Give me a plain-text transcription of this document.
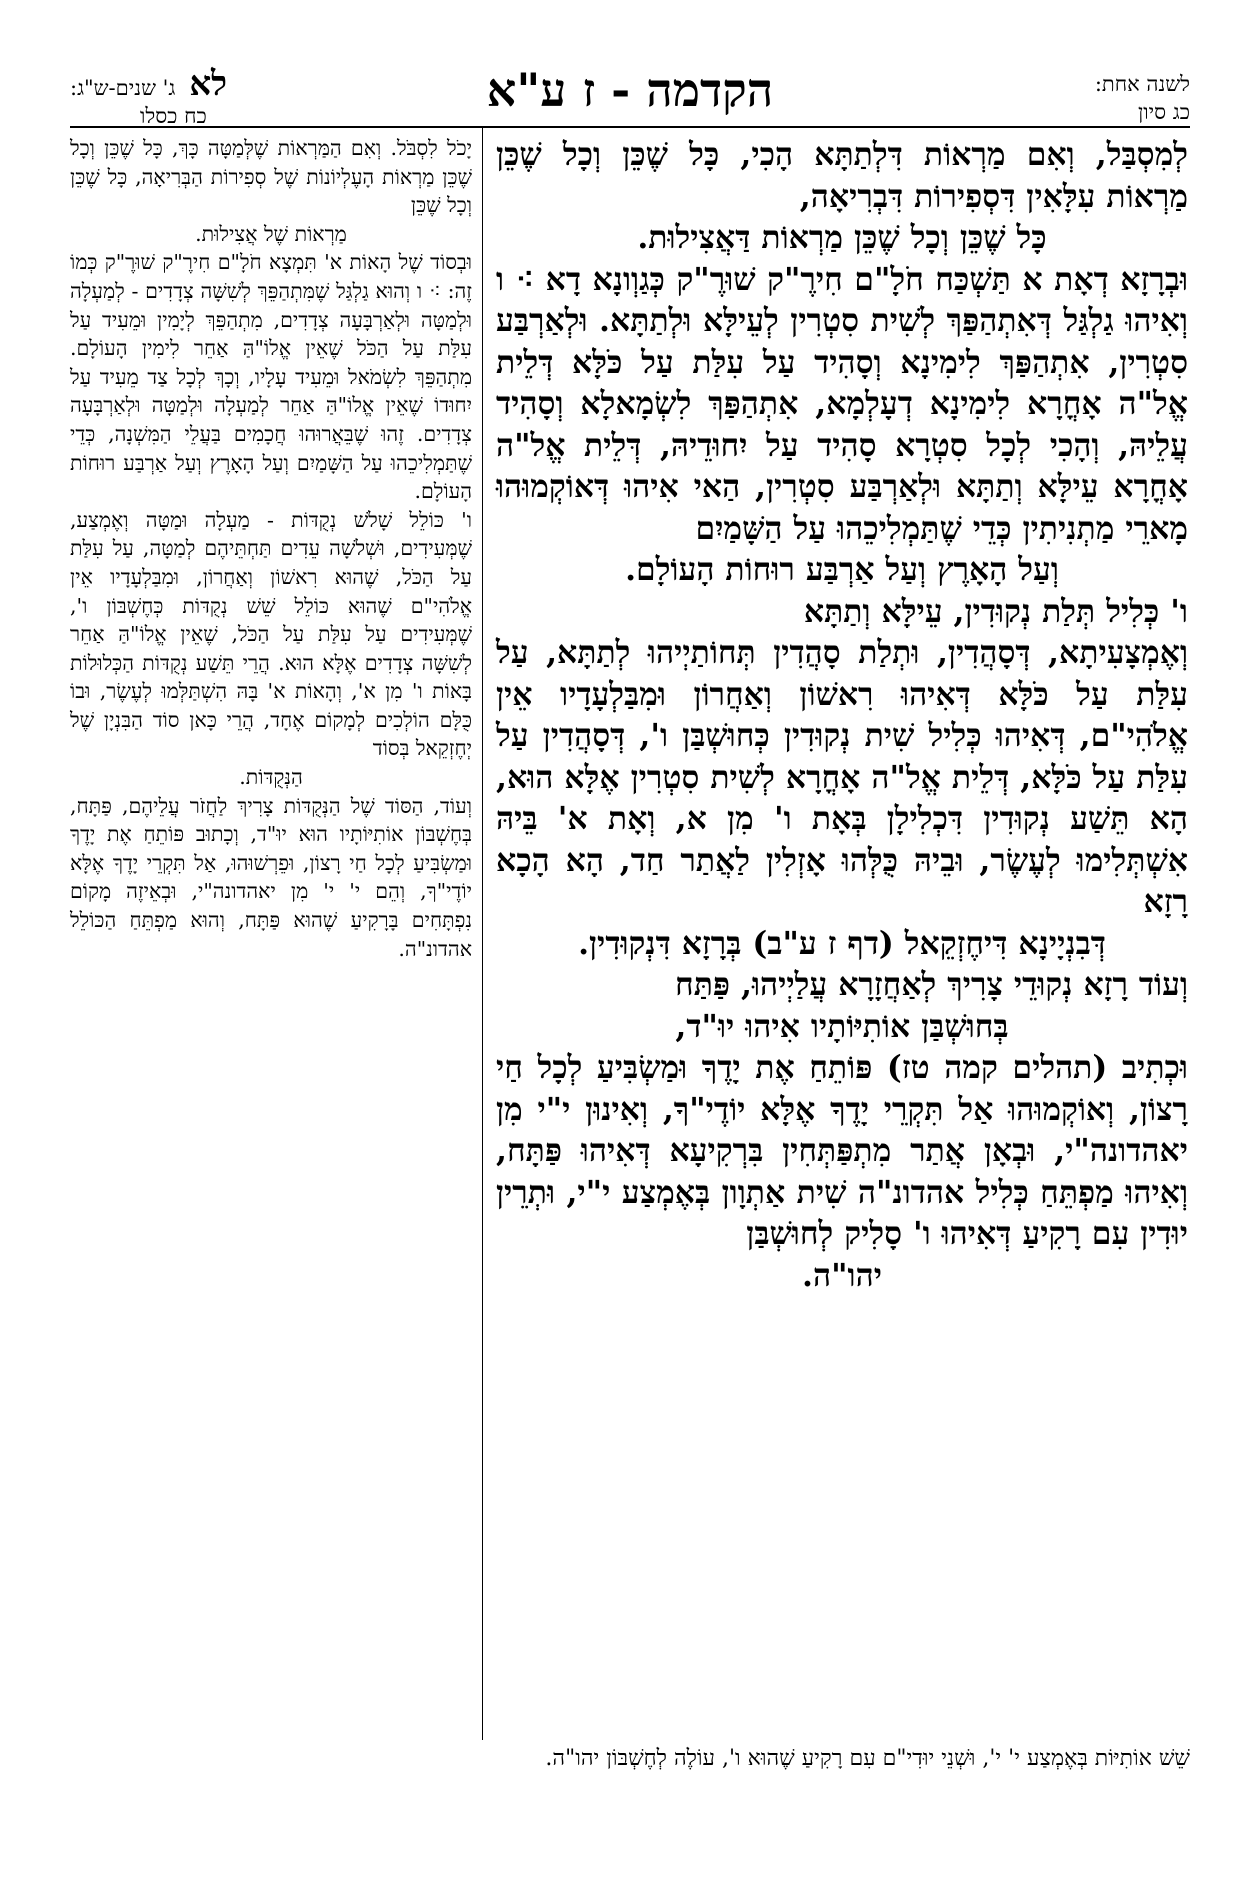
לשנה אחת:
כג סיון
הקדמה - ז ע"א
ג' שנים-ש"ג: לא
כח כסלו

לְמִסְבַּל, וְאִם מַרְאוֹת דִּלְתַתָּא הָכִי, כָּל שֶׁכֵּן וְכָל שֶׁכֵּן מַרְאוֹת עִלָּאִין דִּסְפִירוֹת דִּבְרִיאָה,

כָּל שֶׁכֵּן וְכָל שֶׁכֵּן מַרְאוֹת דַּאֲצִילוּת.

וּבְרָזָא דְאָת א תַּשְׁכַּח חֹלָ"ם חִירֶ"ק שׁוּרֶ"ק כְּגַוְונָא דָא ⁖ ו וְאִיהוּ גַלְגַּל דְּאִתְהַפַּךְ לְשִׁית סִטְרִין לְעֵילָּא וּלְתַתָּא. וּלְאַרְבַּע סִטְרִין, אִתְהַפַּךְ לִימִינָא וְסָהִיד עַל עִלַּת עַל כֹּלָּא דְּלֵית אֱל"ה אָחֳרָא לִימִינָא דְעָלְמָא, אִתְהַפַּךְ לִשְׂמָאלָא וְסָהִיד עֲלֵיהּ, וְהָכִי לְכָל סִטְרָא סָהִיד עַל יִחוּדֵיהּ, דְּלֵית אֱל"ה אָחֳרָא עֵילָּא וְתַתָּא וּלְאַרְבַּע סִטְרִין, הַאי אִיהוּ דְּאוֹקְמוּהוּ מָארֵי מַתְנִיתִין כְּדֵי שֶׁתַּמְלִיכֵהוּ עַל הַשָּׁמַיִם

וְעַל הָאָרֶץ וְעַל אַרְבַּע רוּחוֹת הָעוֹלָם.

ו' כְּלִיל תְּלַת נְקוּדִין, עֵילָּא וְתַתָּא

וְאֶמְצָעִיתָא, דְּסָהֲדִין, וּתְלַת סָהֲדִין תְּחוֹתַיְיהוּ לְתַתָּא, עַל עִלַּת עַל כֹּלָּא דְּאִיהוּ רִאשׁוֹן וְאַחֲרוֹן וּמִבַּלְעָדָיו אֵין אֱלֹהִי"ם, דְּאִיהוּ כְּלִיל שִׁית נְקוּדִין כְּחוּשְׁבַּן ו', דְּסָהֲדִין עַל עִלַּת עַל כֹּלָּא, דְּלֵית אֱל"ה אָחֳרָא לְשִׁית סִטְרִין אֶלָּא הוּא, הָא תֵּשַׁע נְקוּדִין דִּכְלִילָן בְּאָת ו' מִן א, וְאָת א' בֵּיהּ אִשְׁתְּלִימוּ לְעֶשֶׂר, וּבֵיהּ כֻּלְּהוּ אָזְלִין לַאֲתַר חַד, הָא הָכָא רָזָא

דְּבִנְיָינָא דִּיחֶזְקֵאל (דף ז ע"ב) בְּרָזָא דִּנְקוּדִין.

וְעוֹד רָזָא נְקוּדֵי צָרִיךְ לְאַחֲזָרָא עֲלַיְיהוּ, פַּתַּח

בְּחוּשְׁבַּן אוֹתִיּוֹתָיו אִיהוּ יוּ"ד,

וּכְתִיב (תהלים קמה טז) פּוֹתֵחַ אֶת יָדֶךָ וּמַשְׂבִּיעַ לְכָל חַי רָצוֹן, וְאוֹקְמוּהוּ אַל תִּקְרֵי יָדֶךָ אֶלָּא יוֹדֶי"ךָ, וְאִינוּן י"י מִן יאהדונה"י, וּבְאָן אֲתַר מִתְפַּתְּחִין בִּרְקִיעָא דְּאִיהוּ פַּתָּח, וְאִיהוּ מַפְתֵּחַ כְּלִיל אהדונ"ה שִׁית אַתְוָון בְּאֶמְצַע י"י, וּתְרֵין יוּדִין עִם רָקִיעַ דְּאִיהוּ ו' סָלִיק לְחוּשְׁבַּן

יהו"ה.

יָכֹל לִסְבֹּל. וְאִם הַמַּרְאוֹת שֶׁלְּמַטָּה כָּךְ, כָּל שֶׁכֵּן וְכָל שֶׁכֵּן מַרְאוֹת הָעֶלְיוֹנוֹת שֶׁל סְפִירוֹת הַבְּרִיאָה, כָּל שֶׁכֵּן וְכָל שֶׁכֵּן

מַרְאוֹת שֶׁל אֲצִילוּת.

וּבְסוֹד שֶׁל הָאוֹת א' תִּמְצָא חֹלָ"ם חִירֶ"ק שׁוּרֶ"ק כְּמוֹ זֶה: ⁖ ו וְהוּא גַלְגַּל שֶׁמִּתְהַפֵּךְ לְשִׁשָּׁה צְדָדִים - לְמַעְלָה וּלְמַטָּה וּלְאַרְבָּעָה צְדָדִים, מִתְהַפֵּךְ לְיָמִין וּמֵעִיד עַל עִלַּת עַל הַכֹּל שֶׁאֵין אֱלוֹ"הַּ אַחֵר לִימִין הָעוֹלָם. מִתְהַפֵּךְ לִשְׂמֹאל וּמֵעִיד עָלָיו, וְכָךְ לְכָל צַד מֵעִיד עַל יִחוּדוֹ שֶׁאֵין אֱלוֹ"הַּ אַחֵר לְמַעְלָה וּלְמַטָּה וּלְאַרְבָּעָה צְדָדִים. זֶהוּ שֶׁבֵּאֲרוּהוּ חֲכָמִים בַּעֲלֵי הַמִּשְׁנָה, כְּדֵי שֶׁתַּמְלִיכֵהוּ עַל הַשָּׁמַיִם וְעַל הָאָרֶץ וְעַל אַרְבַּע רוּחוֹת הָעוֹלָם.

ו' כּוֹלֵל שָׁלֹשׁ נְקֻדּוֹת - מַעְלָה וּמַטָּה וְאֶמְצַע, שֶׁמְּעִידִים, וּשְׁלֹשָׁה עֵדִים תַּחְתֵּיהֶם לְמַטָּה, עַל עִלַּת עַל הַכֹּל, שֶׁהוּא רִאשׁוֹן וְאַחֲרוֹן, וּמִבַּלְעָדָיו אֵין אֱלֹהִי"ם שֶׁהוּא כּוֹלֵל שֵׁשׁ נְקֻדּוֹת כְּחֶשְׁבּוֹן ו', שֶׁמְּעִידִים עַל עִלַּת עַל הַכֹּל, שֶׁאֵין אֱלוֹ"הַּ אַחֵר לְשִׁשָּׁה צְדָדִים אֶלָּא הוּא. הֲרֵי תֵּשַׁע נְקֻדּוֹת הַכְּלוּלוֹת בָּאוֹת ו' מִן א', וְהָאוֹת א' בָּהּ הִשְׁתַּלְּמוּ לְעֶשֶׂר, וּבוֹ כֻּלָּם הוֹלְכִים לְמָקוֹם אֶחָד, הֲרֵי כָּאן סוֹד הַבִּנְיָן שֶׁל יְחֶזְקֵאל בְּסוֹד

הַנְּקֻדּוֹת.

וְעוֹד, הַסּוֹד שֶׁל הַנְּקֻדּוֹת צָרִיךְ לַחֲזֹר עֲלֵיהֶם, פַּתָּח, בְּחֶשְׁבּוֹן אוֹתִיּוֹתָיו הוּא יוּ"ד, וְכָתוּב פּוֹתֵחַ אֶת יָדֶךָ וּמַשְׂבִּיעַ לְכָל חַי רָצוֹן, וּפֵרְשׁוּהוּ, אַל תִּקְרֵי יָדֶךָ אֶלָּא יוֹדֶי"ךָ, וְהֵם י' י' מִן יאהדונה"י, וּבְאֵיזֶה מָקוֹם נִפְתָּחִים בָּרָקִיעַ שֶׁהוּא פַּתָּח, וְהוּא מַפְתֵּחַ הַכּוֹלֵל אהדונ"ה.

שֵׁשׁ אוֹתִיּוֹת בְּאֶמְצַע י' י', וּשְׁנֵי יוּדִי"ם עִם רָקִיעַ שֶׁהוּא ו', עוֹלֶה לְחֶשְׁבּוֹן יהו"ה.
